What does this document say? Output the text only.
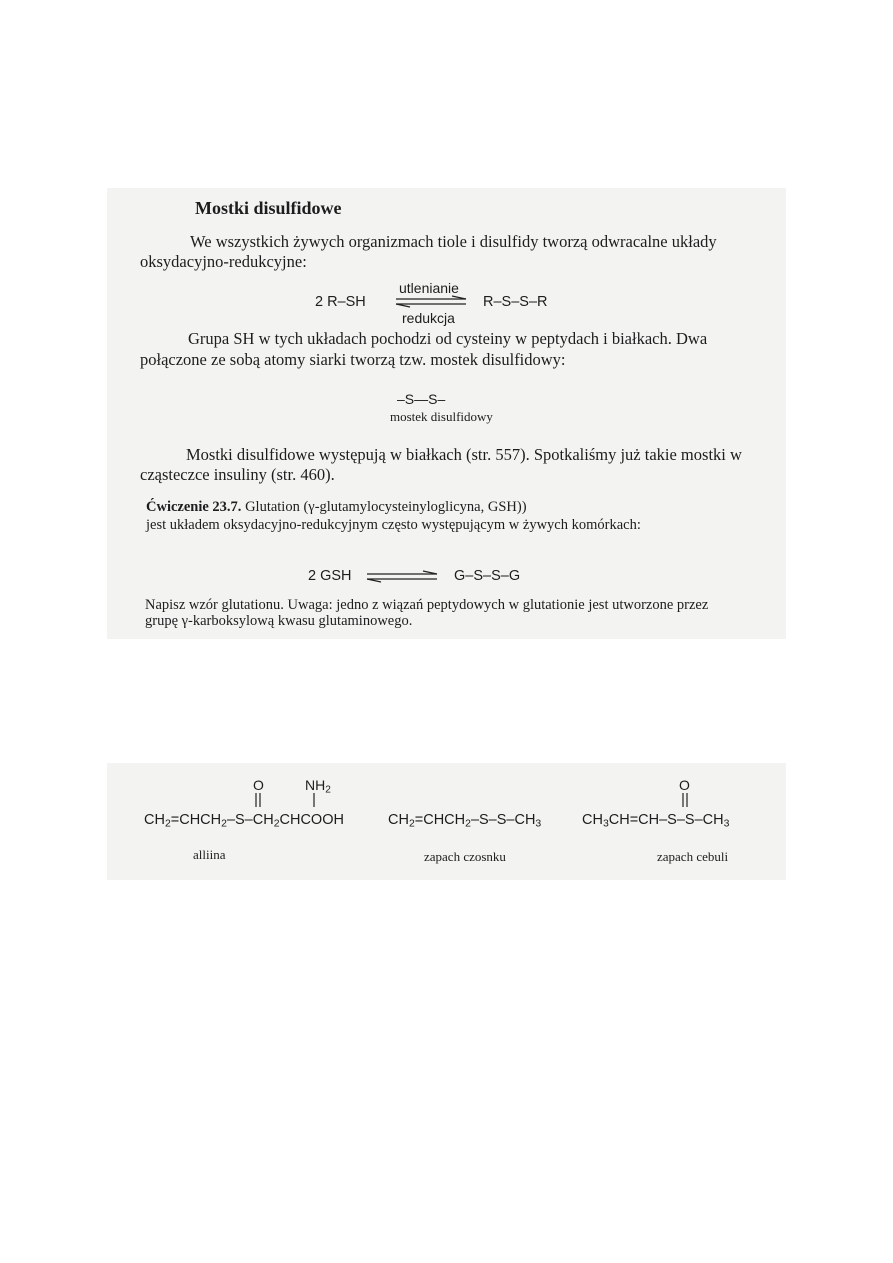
Mostki disulfidowe
We wszystkich żywych organizmach tiole i disulfidy tworzą odwracalne układy
oksydacyjno-redukcyjne:
2 R–SH
utlenianie
redukcja
R–S–S–R
Grupa SH w tych układach pochodzi od cysteiny w peptydach i białkach. Dwa
połączone ze sobą atomy siarki tworzą tzw. mostek disulfidowy:
–S—S–
mostek disulfidowy
Mostki disulfidowe występują w białkach (str. 557). Spotkaliśmy już takie mostki w
cząsteczce insuliny (str. 460).
Ćwiczenie 23.7. Glutation (γ-glutamylocysteinyloglicyna, GSH))
jest układem oksydacyjno-redukcyjnym często występującym w żywych komórkach:
2 GSH	G–S–S–G
Napisz wzór glutationu. Uwaga: jedno z wiązań peptydowych w glutationie jest utworzone przez
grupę γ-karboksylową kwasu glutaminowego.
O	$NH_2$
$CH_2=CHCH_2-S-CH_2CHCOOH$
alliina
$CH_2=CHCH_2-S-S-CH_3$
zapach czosnku
O
$CH_3CH=CH-S-S-CH_3$
zapach cebuli
